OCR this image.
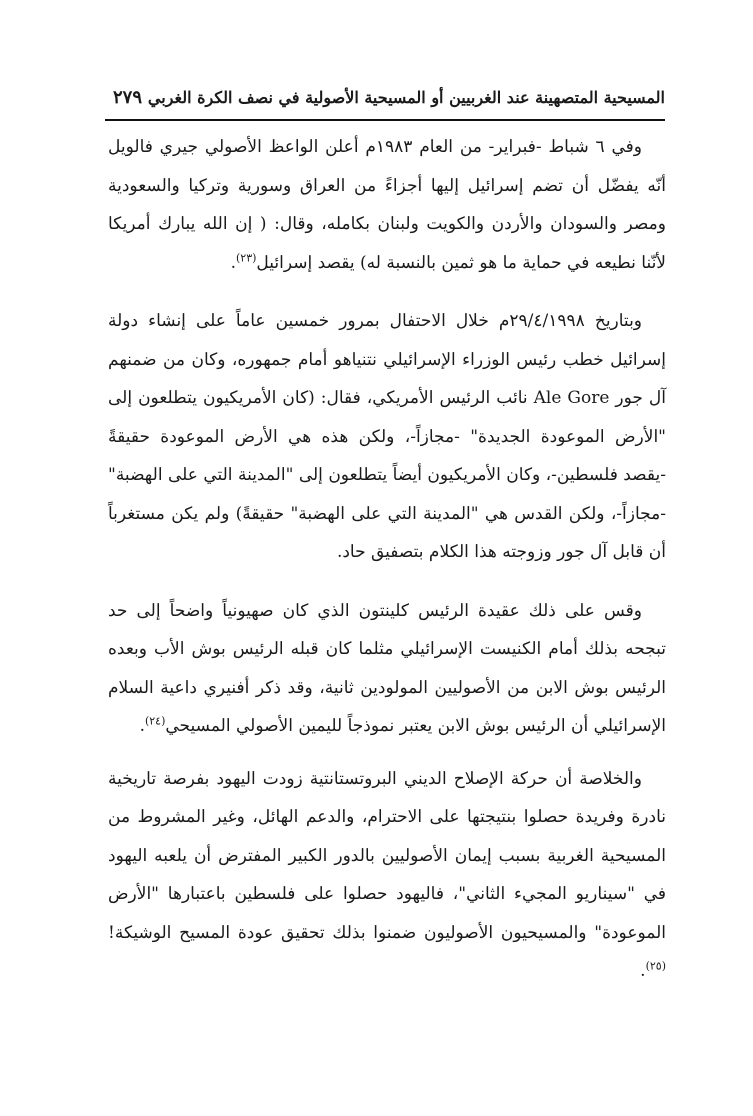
المسيحية المتصهينة عند الغربيين أو المسيحية الأصولية في نصف الكرة الغربي
٢٧٩

وفي ٦ شباط -فبراير- من العام ١٩٨٣م أعلن الواعظ الأصولي جيري فالويل أنّه يفضّل أن تضم إسرائيل إليها أجزاءً من العراق وسورية وتركيا والسعودية ومصر والسودان والأردن والكويت ولبنان بكامله، وقال: ( إن الله يبارك أمريكا لأنّنا نطيعه في حماية ما هو ثمين بالنسبة له) يقصد إسرائيل$^{(٢٣)}$.

وبتاريخ ٢٩/٤/١٩٩٨م خلال الاحتفال بمرور خمسين عاماً على إنشاء دولة إسرائيل خطب رئيس الوزراء الإسرائيلي نتنياهو أمام جمهوره، وكان من ضمنهم آل جور Ale Gore نائب الرئيس الأمريكي، فقال: (كان الأمريكيون يتطلعون إلى "الأرض الموعودة الجديدة" -مجازاً-، ولكن هذه هي الأرض الموعودة حقيقةً -يقصد فلسطين-، وكان الأمريكيون أيضاً يتطلعون إلى "المدينة التي على الهضبة" -مجازاً-، ولكن القدس هي "المدينة التي على الهضبة" حقيقةً) ولم يكن مستغرباً أن قابل آل جور وزوجته هذا الكلام بتصفيق حاد.

وقس على ذلك عقيدة الرئيس كلينتون الذي كان صهيونياً واضحاً إلى حد تبجحه بذلك أمام الكنيست الإسرائيلي مثلما كان قبله الرئيس بوش الأب وبعده الرئيس بوش الابن من الأصوليين المولودين ثانية، وقد ذكر أفنيري داعية السلام الإسرائيلي أن الرئيس بوش الابن يعتبر نموذجاً لليمين الأصولي المسيحي$^{(٢٤)}$.

والخلاصة أن حركة الإصلاح الديني البروتستانتية زودت اليهود بفرصة تاريخية نادرة وفريدة حصلوا بنتيجتها على الاحترام، والدعم الهائل، وغير المشروط من المسيحية الغربية بسبب إيمان الأصوليين بالدور الكبير المفترض أن يلعبه اليهود في "سيناريو المجيء الثاني"، فاليهود حصلوا على فلسطين باعتبارها "الأرض الموعودة" والمسيحيون الأصوليون ضمنوا بذلك تحقيق عودة المسيح الوشيكة!$^{(٢٥)}$.
